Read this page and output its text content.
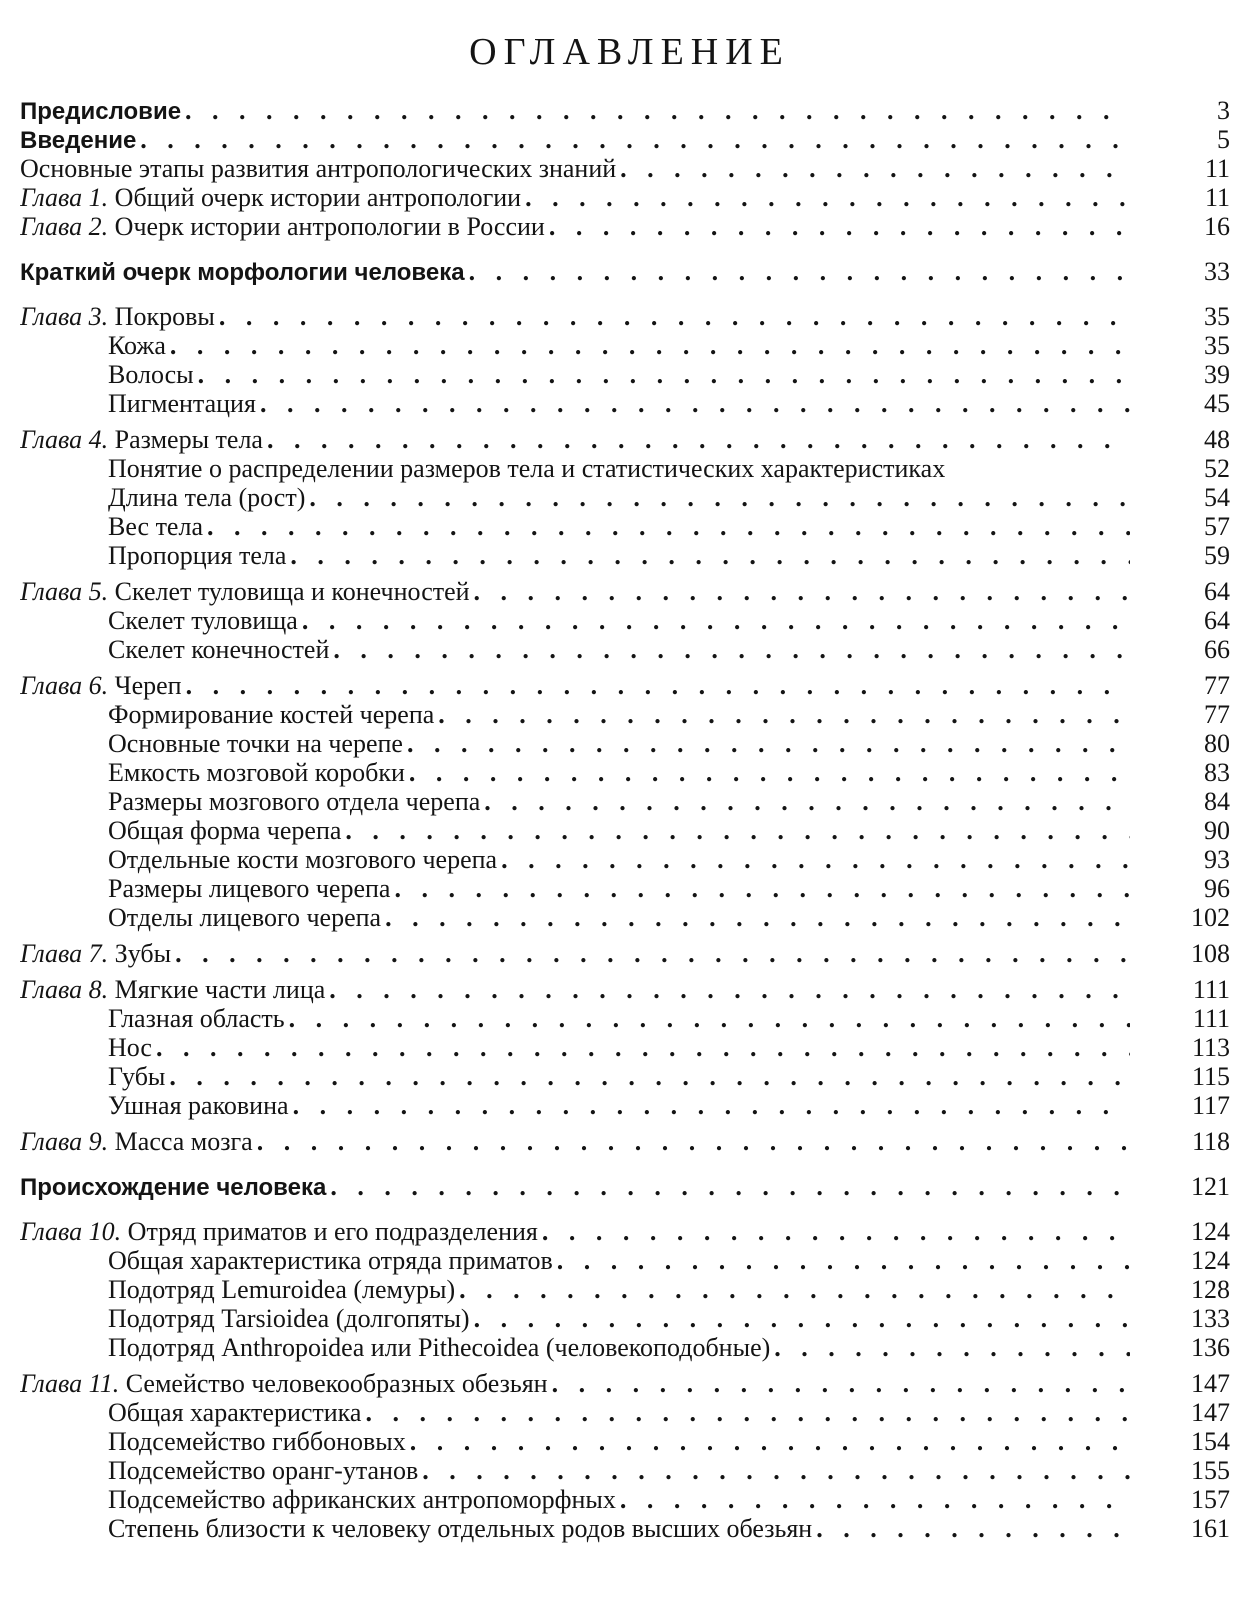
ОГЛАВЛЕНИЕ
Предисловие . . .	3
Введение . . .	5
Основные этапы развития антропологических знаний . . .	11
Глава 1. Общий очерк истории антропологии . . .	11
Глава 2. Очерк истории антропологии в России . . .	16
Краткий очерк морфологии человека . . .	33
Глава 3. Покровы . . .	35
Кожа . . .	35
Волосы . . .	39
Пигментация . . .	45
Глава 4. Размеры тела . . .	48
Понятие о распределении размеров тела и статистических характеристиках	52
Длина тела (рост) . . .	54
Вес тела . . .	57
Пропорция тела . . .	59
Глава 5. Скелет туловища и конечностей . . .	64
Скелет туловища . . .	64
Скелет конечностей . . .	66
Глава 6. Череп . . .	77
Формирование костей черепа . . .	77
Основные точки на черепе . . .	80
Емкость мозговой коробки . . .	83
Размеры мозгового отдела черепа . . .	84
Общая форма черепа . . .	90
Отдельные кости мозгового черепа . . .	93
Размеры лицевого черепа . . .	96
Отделы лицевого черепа . . .	102
Глава 7. Зубы . . .	108
Глава 8. Мягкие части лица . . .	111
Глазная область . . .	111
Нос . . .	113
Губы . . .	115
Ушная раковина . . .	117
Глава 9. Масса мозга . . .	118
Происхождение человека . . .	121
Глава 10. Отряд приматов и его подразделения . . .	124
Общая характеристика отряда приматов . . .	124
Подотряд Lemuroidea (лемуры) . . .	128
Подотряд Tarsioidea (долгопяты) . . .	133
Подотряд Anthropoidea или Pithecoidea (человекоподобные) . . .	136
Глава 11. Семейство человекообразных обезьян . . .	147
Общая характеристика . . .	147
Подсемейство гиббоновых . . .	154
Подсемейство оранг-утанов . . .	155
Подсемейство африканских антропоморфных . . .	157
Степень близости к человеку отдельных родов высших обезьян . . .	161
